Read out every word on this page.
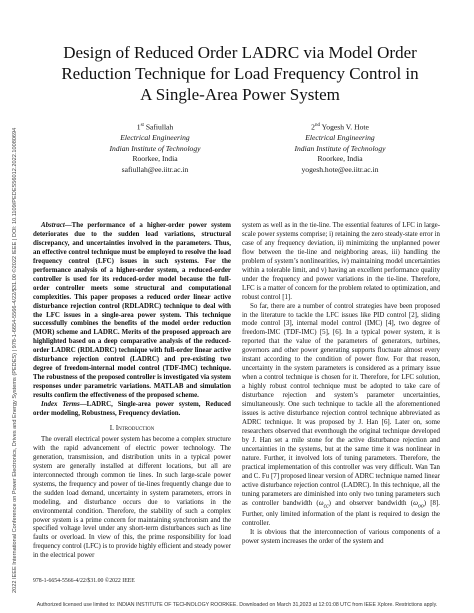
2022 IEEE International Conference on Power Electronics, Drives and Energy Systems (PEDES) | 978-1-6654-5566-4/22/$31.00 ©2022 IEEE | DOI: 10.1109/PEDES56012.2022.10080694
Design of Reduced Order LADRC via Model Order
Reduction Technique for Load Frequency Control in
A Single-Area Power System
1st Safiullah
Electrical Engineering
Indian Institute of Technology
Roorkee, India
safiullah@ee.iitr.ac.in
2nd Yogesh V. Hote
Electrical Engineering
Indian Institute of Technology
Roorkee, India
yogesh.hote@ee.iitr.ac.in

Abstract—The performance of a higher-order power system deteriorates due to the sudden load variations, structural discrepancy, and uncertainties involved in the parameters. Thus, an effective control technique must be employed to resolve the load frequency control (LFC) issues in such systems. For the performance analysis of a higher-order system, a reduced-order controller is used for its reduced-order model because the full-order controller meets some structural and computational complexities. This paper proposes a reduced order linear active disturbance rejection control (RDLADRC) technique to deal with the LFC issues in a single-area power system. This technique successfully combines the benefits of the model order reduction (MOR) scheme and LADRC. Merits of the proposed approach are highlighted based on a deep comparative analysis of the reduced-order LADRC (RDLADRC) technique with full-order linear active disturbance rejection control (LADRC) and pre-existing two degree of freedom-internal model control (TDF-IMC) technique. The robustness of the proposed controller is investigated via system responses under parametric variations. MATLAB and simulation results confirm the effectiveness of the proposed scheme.

Index Terms—LADRC, Single-area power system, Reduced order modeling, Robustness, Frequency deviation.

I. Introduction

The overall electrical power system has become a complex structure with the rapid advancement of electric power technology. The generation, transmission, and distribution units in a typical power system are generally installed at different locations, but all are interconnected through common tie lines. In such large-scale power systems, the frequency and power of tie-lines frequently change due to the sudden load demand, uncertainty in system parameters, errors in modeling, and disturbance occurs due to variations in the environmental condition. Therefore, the stability of such a complex power system is a prime concern for maintaining synchronism and the specified voltage level under any short-term disturbances such as line faults or overload. In view of this, the prime responsibility for load frequency control (LFC) is to provide highly efficient and steady power in the electrical power

system as well as in the tie-line. The essential features of LFC in large-scale power systems comprise; i) retaining the zero steady-state error in case of any frequency deviation, ii) minimizing the unplanned power flow between the tie-line and neighboring areas, iii) handling the problem of system’s nonlinearities, iv) maintaining model uncertainties within a tolerable limit, and v) having an excellent performance quality under the frequency and power variations in the tie-line. Therefore, LFC is a matter of concern for the problem related to optimization, and robust control [1].

So far, there are a number of control strategies have been proposed in the literature to tackle the LFC issues like PID control [2], sliding mode control [3], internal model control (IMC) [4], two degree of freedom-IMC (TDF-IMC) [5], [6]. In a typical power system, it is reported that the value of the parameters of generators, turbines, governors and other power generating supports fluctuate almost every instant according to the condition of power flow. For that reason, uncertainty in the system parameters is considered as a primary issue when a control technique is chosen for it. Therefore, for LFC solution, a highly robust control technique must be adopted to take care of disturbance rejection and system’s parameter uncertainties, simultaneously. One such technique to tackle all the aforementioned issues is active disturbance rejection control technique abbreviated as ADRC technique. It was proposed by J. Han [6]. Later on, some researchers observed that eventhough the original technique developed by J. Han set a mile stone for the active disturbance rejection and uncertainties in the systems, but at the same time it was nonlinear in nature. Further, it involved lots of tuning parameters. Therefore, the practical implementation of this controller was very difficult. Wan Tan and C. Fu [7] proposed linear version of ADRC technique named linear active disturbance rejection control (LADRC). In this technique, all the tuning parameters are diminished into only two tuning parameters such as controller bandwidth $(\omega_{cc})$ and observer bandwidth $(\omega_{oo})$ [8]. Further, only limited information of the plant is required to design the controller.

It is obvious that the interconnection of various components of a power system increases the order of the system and

978-1-6654-5566-4/22/$31.00 ©2022 IEEE
Authorized licensed use limited to: INDIAN INSTITUTE OF TECHNOLOGY ROORKEE. Downloaded on March 31,2023 at 12:01:08 UTC from IEEE Xplore. Restrictions apply.
